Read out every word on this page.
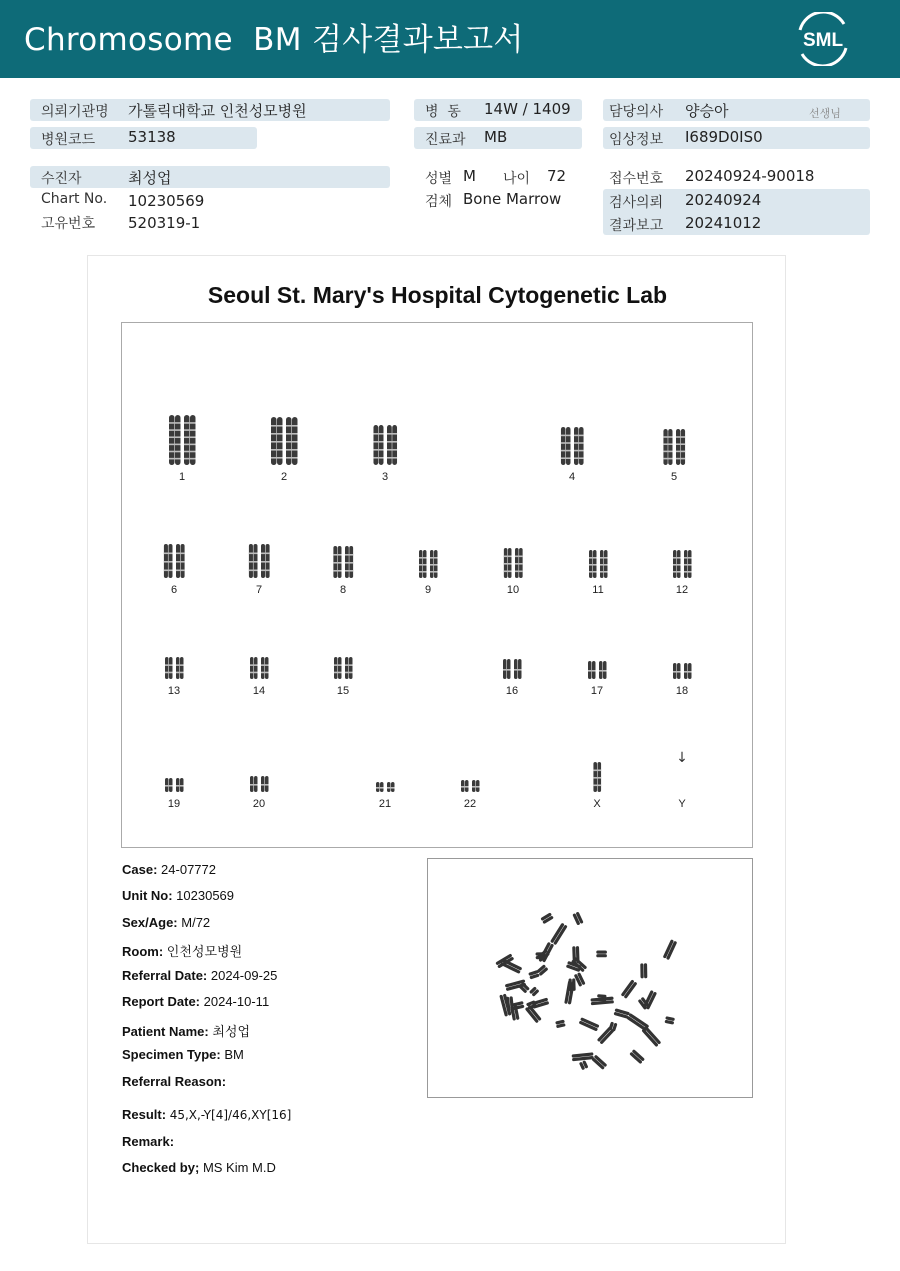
Chromosome  BM 검사결과보고서	SML
의뢰기관명 가톨릭대학교 인천성모병원
병원코드 53138
병  동 14W / 1409
진료과 MB
담당의사 양승아	선생님
임상정보 I689D0IS0
수진자	최성업
Chart No. 10230569
고유번호 520319-1
성별 M 나이 72
검체 Bone Marrow
접수번호 20240924-90018
검사의뢰 20240924
결과보고 20241012
Seoul St. Mary's Hospital Cytogenetic Lab
↓
1	2	3	4	5
6	7	8	9	10	11	12
13	14	15	16	17	18
19	20	21	22	X	Y
Case: 24-07772
Unit No: 10230569
Sex/Age: M/72
Room: 인천성모병원
Referral Date: 2024-09-25
Report Date: 2024-10-11
Patient Name: 최성업
Specimen Type: BM
Referral Reason:
Result: 45,X,-Y[4]/46,XY[16]
Remark:
Checked by; MS Kim M.D
